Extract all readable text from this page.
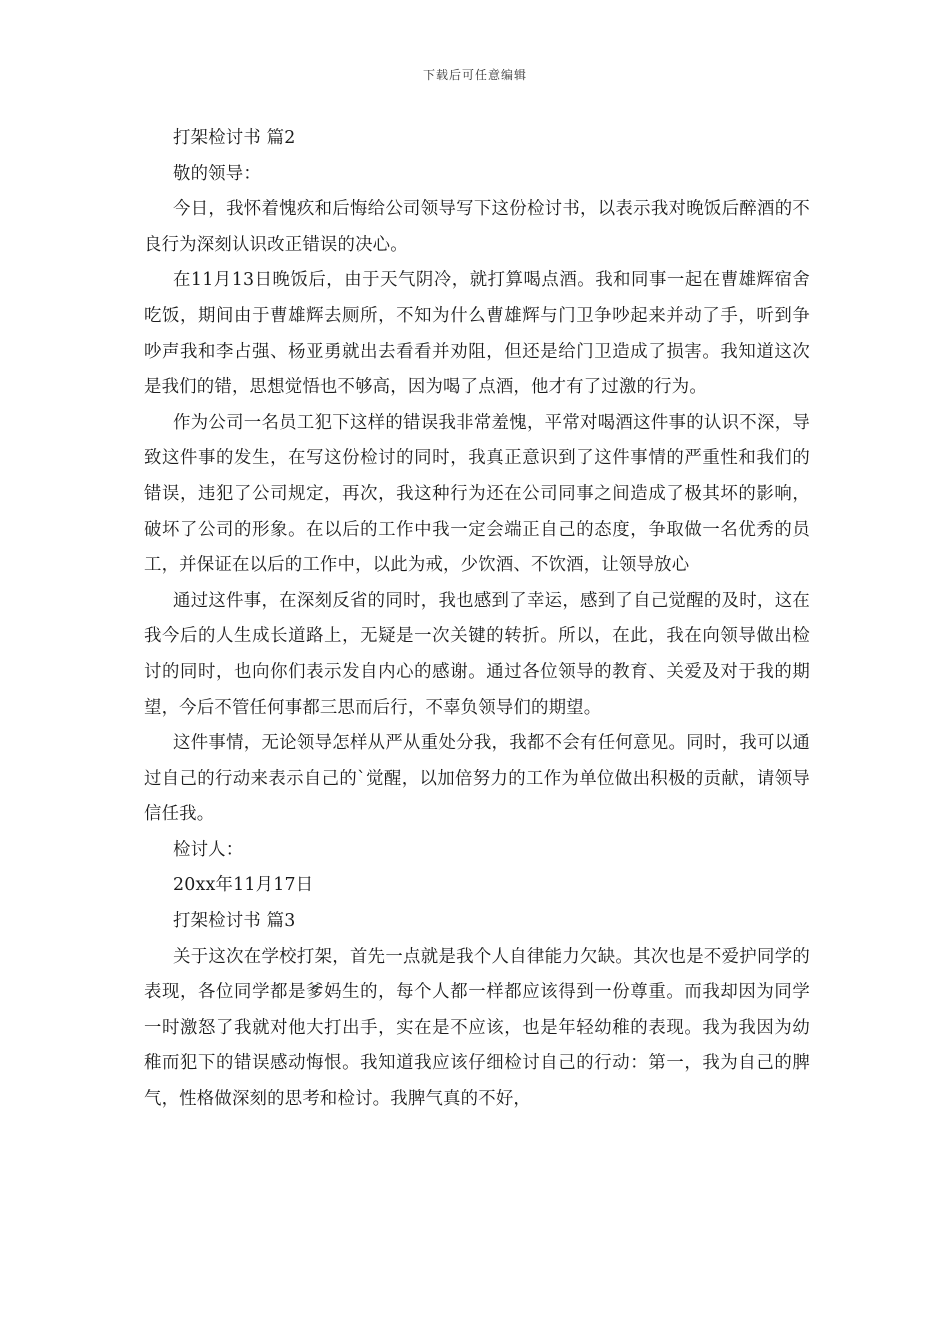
下载后可任意编辑

打架检讨书 篇2

敬的领导：

今日，我怀着愧疚和后悔给公司领导写下这份检讨书，以表示我对晚饭后醉酒的不良行为深刻认识改正错误的决心。

在11月13日晚饭后，由于天气阴冷，就打算喝点酒。我和同事一起在曹雄辉宿舍吃饭，期间由于曹雄辉去厕所，不知为什么曹雄辉与门卫争吵起来并动了手，听到争吵声我和李占强、杨亚勇就出去看看并劝阻，但还是给门卫造成了损害。我知道这次是我们的错，思想觉悟也不够高，因为喝了点酒，他才有了过激的行为。

作为公司一名员工犯下这样的错误我非常羞愧，平常对喝酒这件事的认识不深，导致这件事的发生，在写这份检讨的同时，我真正意识到了这件事情的严重性和我们的错误，违犯了公司规定，再次，我这种行为还在公司同事之间造成了极其坏的影响，破坏了公司的形象。在以后的工作中我一定会端正自己的态度，争取做一名优秀的员工，并保证在以后的工作中，以此为戒，少饮酒、不饮酒，让领导放心

通过这件事，在深刻反省的同时，我也感到了幸运，感到了自己觉醒的及时，这在我今后的人生成长道路上，无疑是一次关键的转折。所以，在此，我在向领导做出检讨的同时，也向你们表示发自内心的感谢。通过各位领导的教育、关爱及对于我的期望，今后不管任何事都三思而后行，不辜负领导们的期望。

这件事情，无论领导怎样从严从重处分我，我都不会有任何意见。同时，我可以通过自己的行动来表示自己的`觉醒，以加倍努力的工作为单位做出积极的贡献，请领导信任我。

检讨人：

20xx年11月17日

打架检讨书 篇3

关于这次在学校打架，首先一点就是我个人自律能力欠缺。其次也是不爱护同学的表现，各位同学都是爹妈生的，每个人都一样都应该得到一份尊重。而我却因为同学一时激怒了我就对他大打出手，实在是不应该，也是年轻幼稚的表现。我为我因为幼稚而犯下的错误感动悔恨。我知道我应该仔细检讨自己的行动：第一，我为自己的脾气，性格做深刻的思考和检讨。我脾气真的不好，
